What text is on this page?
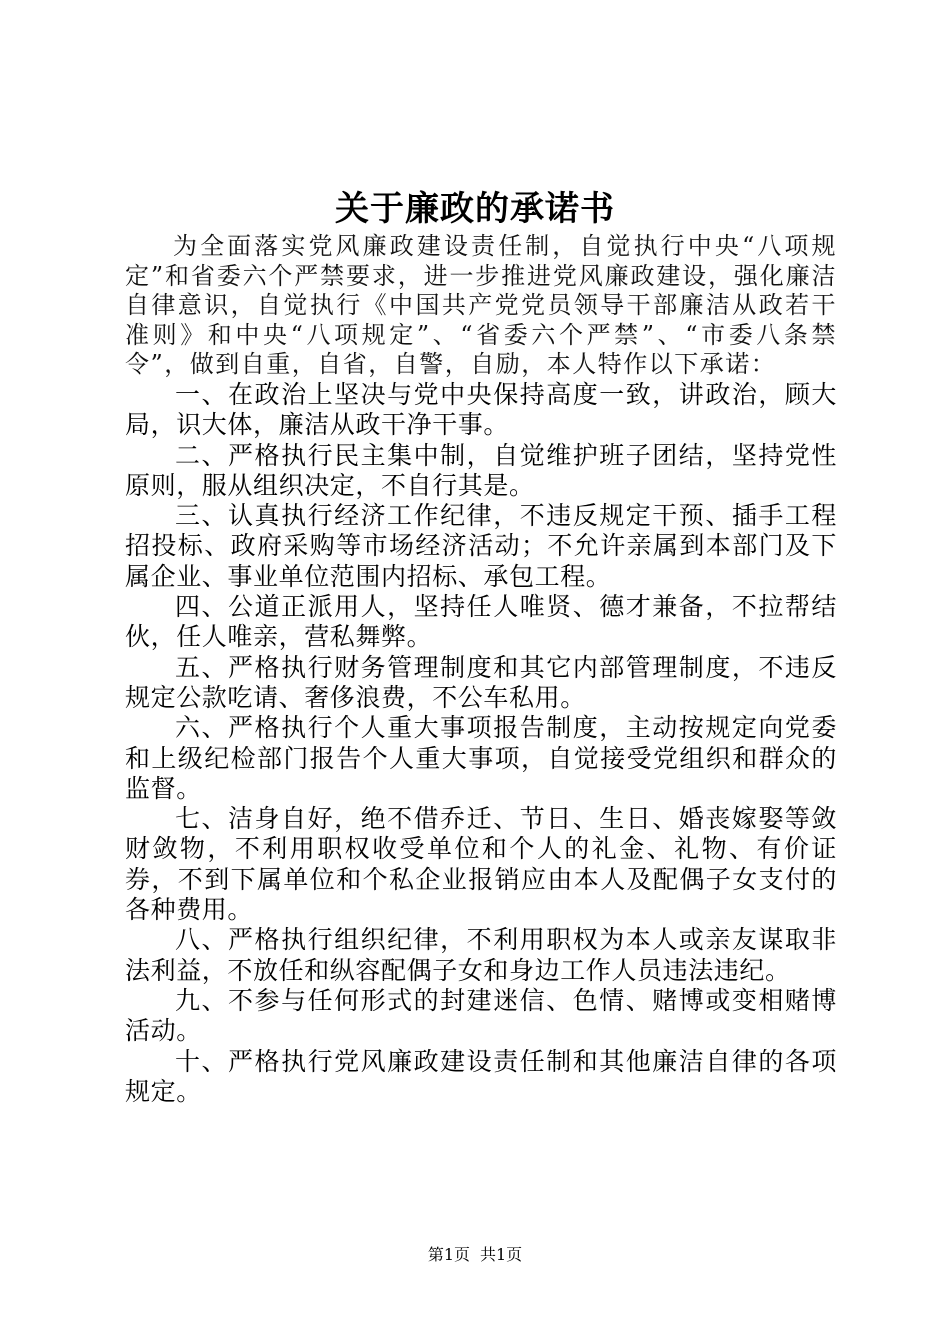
关于廉政的承诺书

为全面落实党风廉政建设责任制，自觉执行中央“八项规定”和省委六个严禁要求，进一步推进党风廉政建设，强化廉洁自律意识，自觉执行《中国共产党党员领导干部廉洁从政若干准则》和中央“八项规定”、“省委六个严禁”、“市委八条禁令”，做到自重，自省，自警，自励，本人特作以下承诺：

一、在政治上坚决与党中央保持高度一致，讲政治，顾大局，识大体，廉洁从政干净干事。

二、严格执行民主集中制，自觉维护班子团结，坚持党性原则，服从组织决定，不自行其是。

三、认真执行经济工作纪律，不违反规定干预、插手工程招投标、政府采购等市场经济活动；不允许亲属到本部门及下属企业、事业单位范围内招标、承包工程。

四、公道正派用人，坚持任人唯贤、德才兼备，不拉帮结伙，任人唯亲，营私舞弊。

五、严格执行财务管理制度和其它内部管理制度，不违反规定公款吃请、奢侈浪费，不公车私用。

六、严格执行个人重大事项报告制度，主动按规定向党委和上级纪检部门报告个人重大事项，自觉接受党组织和群众的监督。

七、洁身自好，绝不借乔迁、节日、生日、婚丧嫁娶等敛财敛物，不利用职权收受单位和个人的礼金、礼物、有价证券，不到下属单位和个私企业报销应由本人及配偶子女支付的各种费用。

八、严格执行组织纪律，不利用职权为本人或亲友谋取非法利益，不放任和纵容配偶子女和身边工作人员违法违纪。

九、不参与任何形式的封建迷信、色情、赌博或变相赌博活动。

十、严格执行党风廉政建设责任制和其他廉洁自律的各项规定。

第1页 共1页
